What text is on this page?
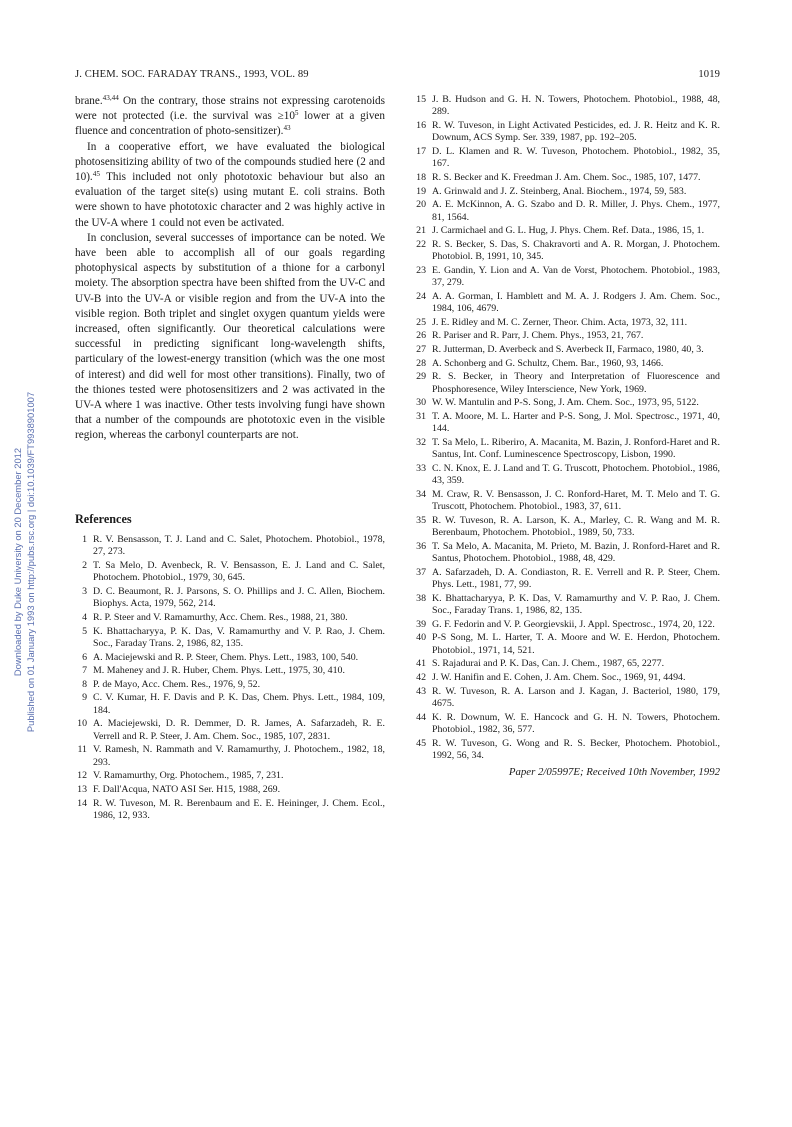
Downloaded by Duke University on 20 December 2012 Published on 01 January 1993 on http://pubs.rsc.org | doi:10.1039/FT9938901007
J. CHEM. SOC. FARADAY TRANS., 1993, VOL. 89	1019

brane.$^{43,44}$ On the contrary, those strains not expressing carotenoids were not protected (i.e. the survival was $\ge 10^5$ lower at a given fluence and concentration of photo-sensitizer).$^{43}$

In a cooperative effort, we have evaluated the biological photosensitizing ability of two of the compounds studied here (2 and 10).$^{45}$ This included not only phototoxic behaviour but also an evaluation of the target site(s) using mutant E. coli strains. Both were shown to have phototoxic character and 2 was highly active in the UV-A where 1 could not even be activated.

In conclusion, several successes of importance can be noted. We have been able to accomplish all of our goals regarding photophysical aspects by substitution of a thione for a carbonyl moiety. The absorption spectra have been shifted from the UV-C and UV-B into the UV-A or visible region and from the UV-A into the visible region. Both triplet and singlet oxygen quantum yields were increased, often significantly. Our theoretical calculations were successful in predicting significant long-wavelength shifts, particulary of the lowest-energy transition (which was the one most of interest) and did well for most other transitions). Finally, two of the thiones tested were photosensitizers and 2 was activated in the UV-A where 1 was inactive. Other tests involving fungi have shown that a number of the compounds are phototoxic even in the visible region, whereas the carbonyl counterparts are not.

References
1 R. V. Bensasson, T. J. Land and C. Salet, Photochem. Photobiol., 1978, 27, 273.
2 T. Sa Melo, D. Avenbeck, R. V. Bensasson, E. J. Land and C. Salet, Photochem. Photobiol., 1979, 30, 645.
3 D. C. Beaumont, R. J. Parsons, S. O. Phillips and J. C. Allen, Biochem. Biophys. Acta, 1979, 562, 214.
4 R. P. Steer and V. Ramamurthy, Acc. Chem. Res., 1988, 21, 380.
5 K. Bhattacharyya, P. K. Das, V. Ramamurthy and V. P. Rao, J. Chem. Soc., Faraday Trans. 2, 1986, 82, 135.
6 A. Maciejewski and R. P. Steer, Chem. Phys. Lett., 1983, 100, 540.
7 M. Maheney and J. R. Huber, Chem. Phys. Lett., 1975, 30, 410.
8 P. de Mayo, Acc. Chem. Res., 1976, 9, 52.
9 C. V. Kumar, H. F. Davis and P. K. Das, Chem. Phys. Lett., 1984, 109, 184.
10 A. Maciejewski, D. R. Demmer, D. R. James, A. Safarzadeh, R. E. Verrell and R. P. Steer, J. Am. Chem. Soc., 1985, 107, 2831.
11 V. Ramesh, N. Rammath and V. Ramamurthy, J. Photochem., 1982, 18, 293.
12 V. Ramamurthy, Org. Photochem., 1985, 7, 231.
13 F. Dall'Acqua, NATO ASI Ser. H15, 1988, 269.
14 R. W. Tuveson, M. R. Berenbaum and E. E. Heininger, J. Chem. Ecol., 1986, 12, 933.
15 J. B. Hudson and G. H. N. Towers, Photochem. Photobiol., 1988, 48, 289.
16 R. W. Tuveson, in Light Activated Pesticides, ed. J. R. Heitz and K. R. Downum, ACS Symp. Ser. 339, 1987, pp. 192–205.
17 D. L. Klamen and R. W. Tuveson, Photochem. Photobiol., 1982, 35, 167.
18 R. S. Becker and K. Freedman J. Am. Chem. Soc., 1985, 107, 1477.
19 A. Grinwald and J. Z. Steinberg, Anal. Biochem., 1974, 59, 583.
20 A. E. McKinnon, A. G. Szabo and D. R. Miller, J. Phys. Chem., 1977, 81, 1564.
21 J. Carmichael and G. L. Hug, J. Phys. Chem. Ref. Data., 1986, 15, 1.
22 R. S. Becker, S. Das, S. Chakravorti and A. R. Morgan, J. Photochem. Photobiol. B, 1991, 10, 345.
23 E. Gandin, Y. Lion and A. Van de Vorst, Photochem. Photobiol., 1983, 37, 279.
24 A. A. Gorman, I. Hamblett and M. A. J. Rodgers J. Am. Chem. Soc., 1984, 106, 4679.
25 J. E. Ridley and M. C. Zerner, Theor. Chim. Acta, 1973, 32, 111.
26 R. Pariser and R. Parr, J. Chem. Phys., 1953, 21, 767.
27 R. Jutterman, D. Averbeck and S. Averbeck II, Farmaco, 1980, 40, 3.
28 A. Schonberg and G. Schultz, Chem. Bar., 1960, 93, 1466.
29 R. S. Becker, in Theory and Interpretation of Fluorescence and Phosphoresence, Wiley Interscience, New York, 1969.
30 W. W. Mantulin and P-S. Song, J. Am. Chem. Soc., 1973, 95, 5122.
31 T. A. Moore, M. L. Harter and P-S. Song, J. Mol. Spectrosc., 1971, 40, 144.
32 T. Sa Melo, L. Riberiro, A. Macanita, M. Bazin, J. Ronford-Haret and R. Santus, Int. Conf. Luminescence Spectroscopy, Lisbon, 1990.
33 C. N. Knox, E. J. Land and T. G. Truscott, Photochem. Photobiol., 1986, 43, 359.
34 M. Craw, R. V. Bensasson, J. C. Ronford-Haret, M. T. Melo and T. G. Truscott, Photochem. Photobiol., 1983, 37, 611.
35 R. W. Tuveson, R. A. Larson, K. A., Marley, C. R. Wang and M. R. Berenbaum, Photochem. Photobiol., 1989, 50, 733.
36 T. Sa Melo, A. Macanita, M. Prieto, M. Bazin, J. Ronford-Haret and R. Santus, Photochem. Photobiol., 1988, 48, 429.
37 A. Safarzadeh, D. A. Condiaston, R. E. Verrell and R. P. Steer, Chem. Phys. Lett., 1981, 77, 99.
38 K. Bhattacharyya, P. K. Das, V. Ramamurthy and V. P. Rao, J. Chem. Soc., Faraday Trans. 1, 1986, 82, 135.
39 G. F. Fedorin and V. P. Georgievskii, J. Appl. Spectrosc., 1974, 20, 122.
40 P-S Song, M. L. Harter, T. A. Moore and W. E. Herdon, Photochem. Photobiol., 1971, 14, 521.
41 S. Rajadurai and P. K. Das, Can. J. Chem., 1987, 65, 2277.
42 J. W. Hanifin and E. Cohen, J. Am. Chem. Soc., 1969, 91, 4494.
43 R. W. Tuveson, R. A. Larson and J. Kagan, J. Bacteriol, 1980, 179, 4675.
44 K. R. Downum, W. E. Hancock and G. H. N. Towers, Photochem. Photobiol., 1982, 36, 577.
45 R. W. Tuveson, G. Wong and R. S. Becker, Photochem. Photobiol., 1992, 56, 34.
Paper 2/05997E; Received 10th November, 1992
